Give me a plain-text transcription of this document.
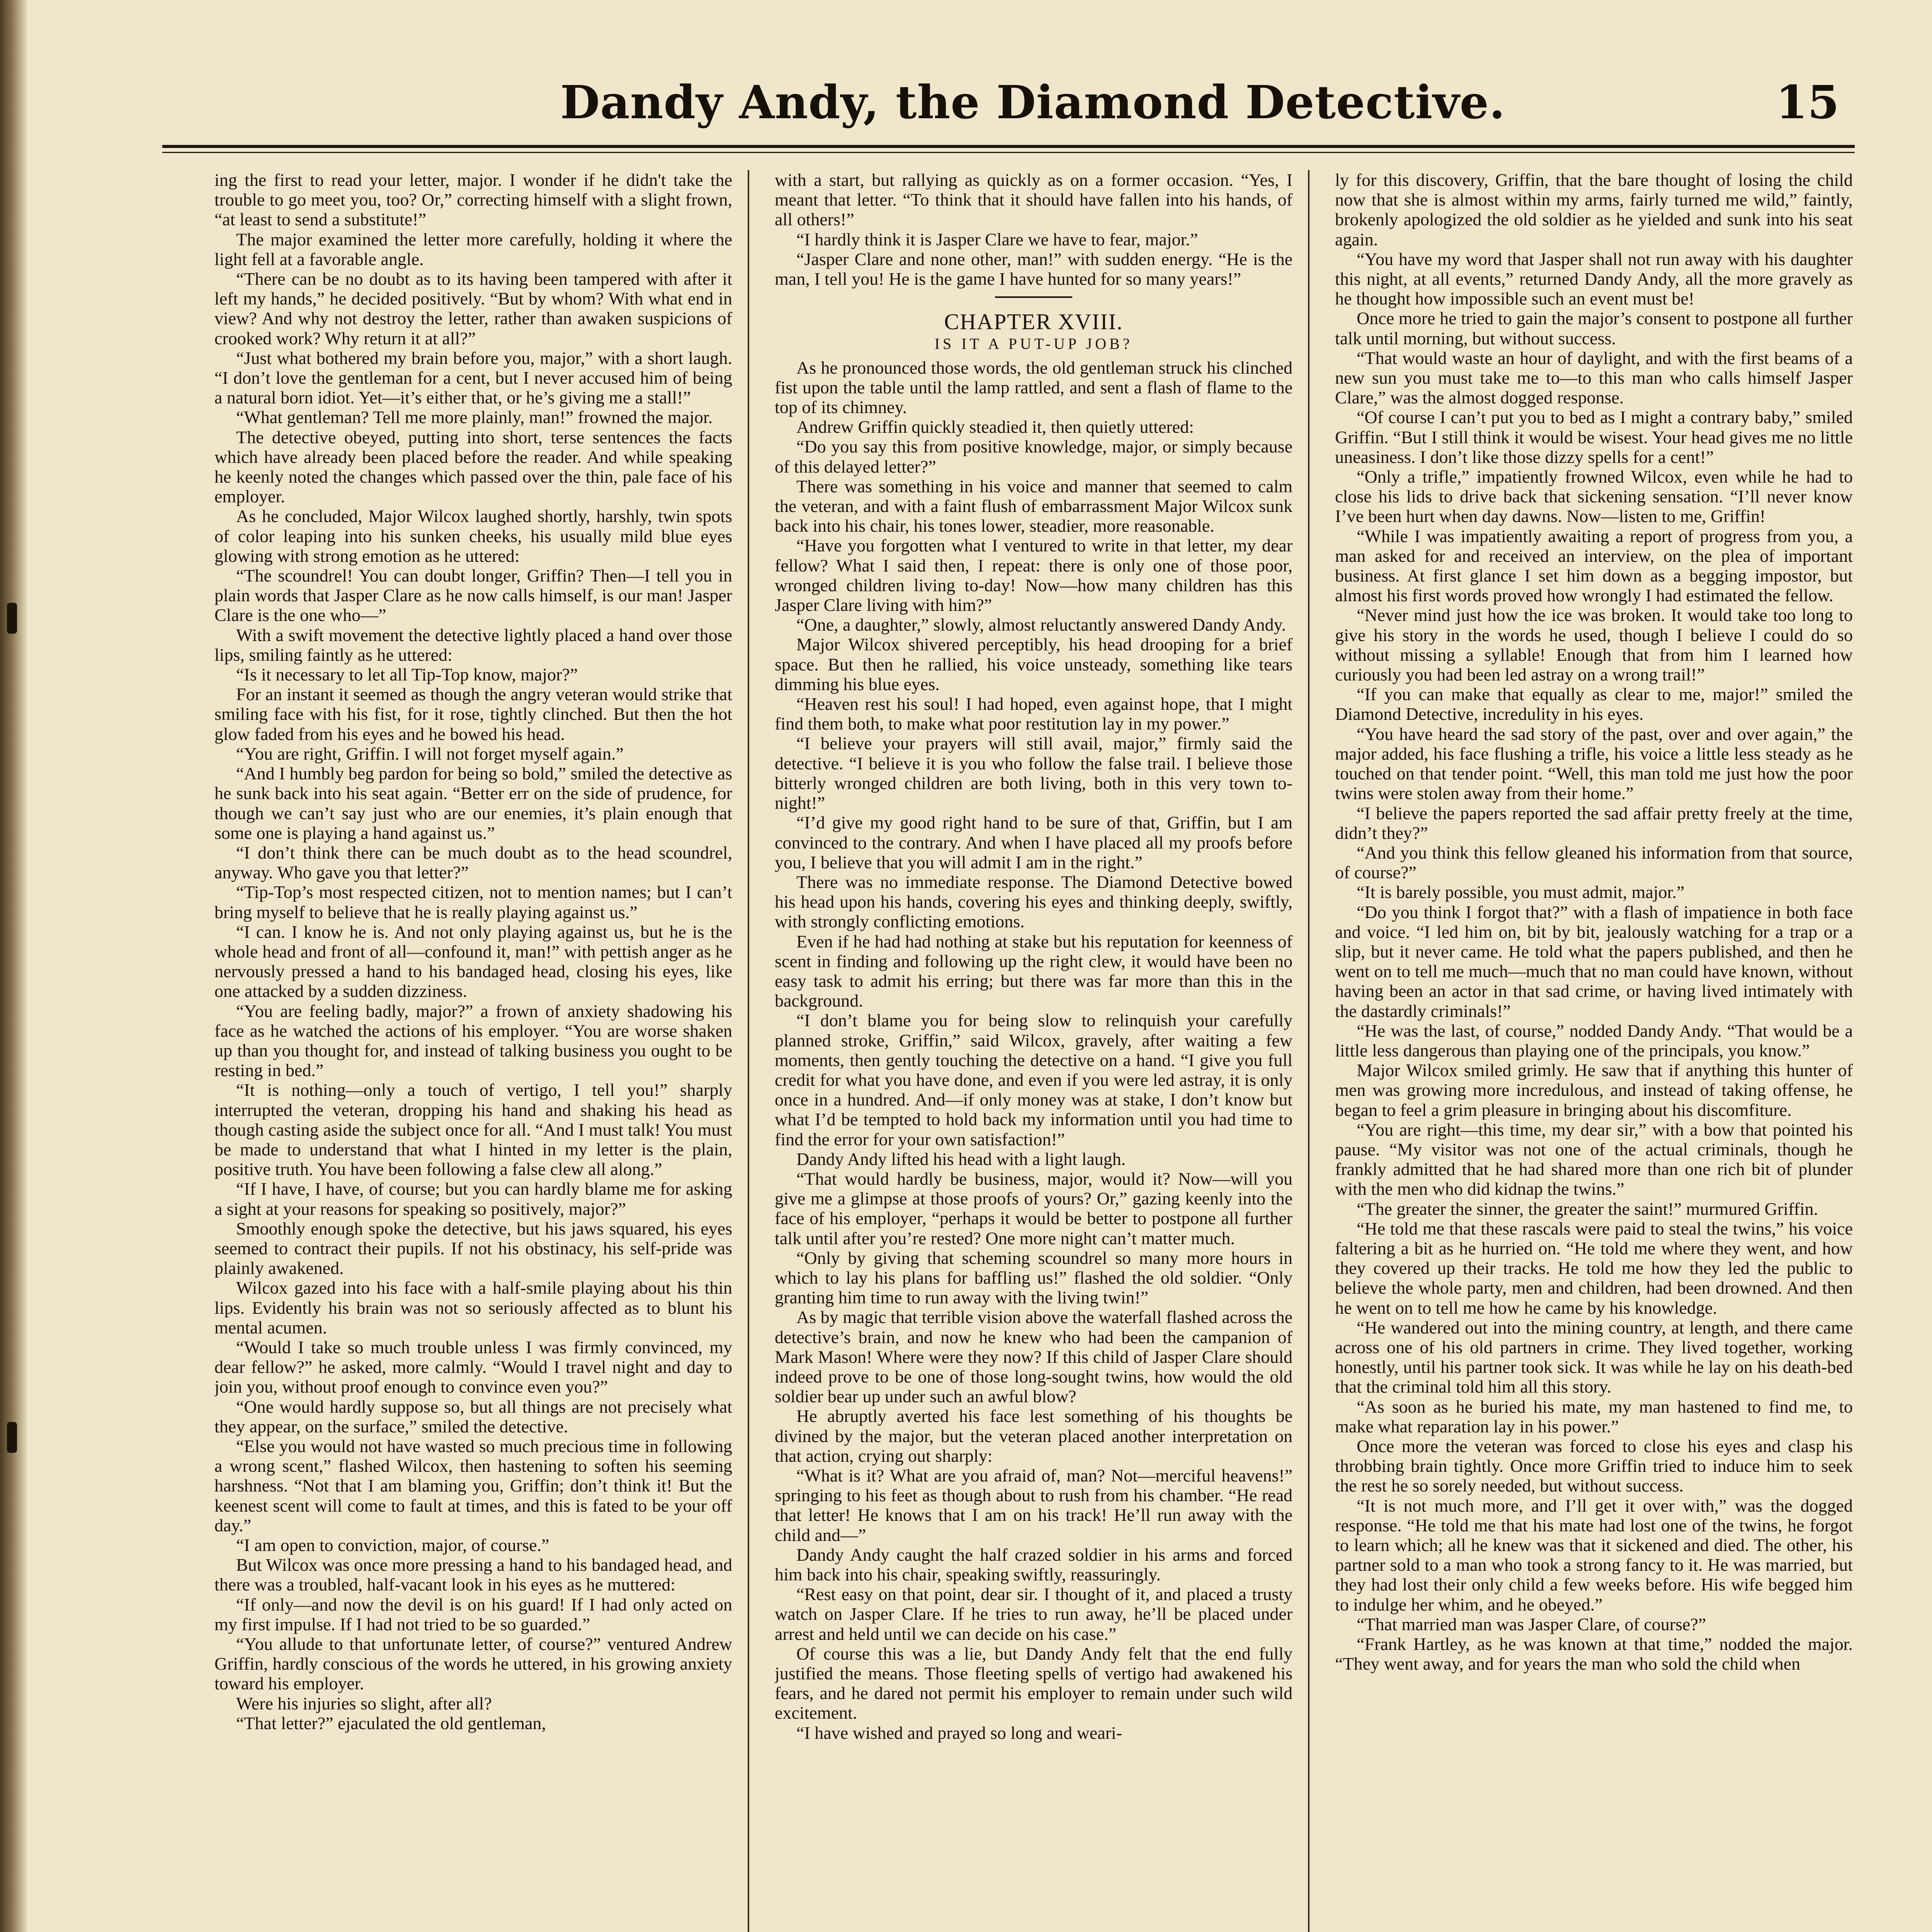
Dandy Andy, the Diamond Detective.	15

ing the first to read your letter, major. I wonder if he didn't take the trouble to go meet you, too? Or,” correcting himself with a slight frown, “at least to send a substitute!”

The major examined the letter more carefully, holding it where the light fell at a favorable angle.

“There can be no doubt as to its having been tampered with after it left my hands,” he decided positively. “But by whom? With what end in view? And why not destroy the letter, rather than awaken suspicions of crooked work? Why return it at all?”

“Just what bothered my brain before you, major,” with a short laugh. “I don’t love the gentleman for a cent, but I never accused him of being a natural born idiot. Yet—it’s either that, or he’s giving me a stall!”

“What gentleman? Tell me more plainly, man!” frowned the major.

The detective obeyed, putting into short, terse sentences the facts which have already been placed before the reader. And while speaking he keenly noted the changes which passed over the thin, pale face of his employer.

As he concluded, Major Wilcox laughed shortly, harshly, twin spots of color leaping into his sunken cheeks, his usually mild blue eyes glowing with strong emotion as he uttered:

“The scoundrel! You can doubt longer, Griffin? Then—I tell you in plain words that Jasper Clare as he now calls himself, is our man! Jasper Clare is the one who—”

With a swift movement the detective lightly placed a hand over those lips, smiling faintly as he uttered:

“Is it necessary to let all Tip-Top know, major?”

For an instant it seemed as though the angry veteran would strike that smiling face with his fist, for it rose, tightly clinched. But then the hot glow faded from his eyes and he bowed his head.

“You are right, Griffin. I will not forget myself again.”

“And I humbly beg pardon for being so bold,” smiled the detective as he sunk back into his seat again. “Better err on the side of prudence, for though we can’t say just who are our enemies, it’s plain enough that some one is playing a hand against us.”

“I don’t think there can be much doubt as to the head scoundrel, anyway. Who gave you that letter?”

“Tip-Top’s most respected citizen, not to mention names; but I can’t bring myself to believe that he is really playing against us.”

“I can. I know he is. And not only playing against us, but he is the whole head and front of all—confound it, man!” with pettish anger as he nervously pressed a hand to his bandaged head, closing his eyes, like one attacked by a sudden dizziness.

“You are feeling badly, major?” a frown of anxiety shadowing his face as he watched the actions of his employer. “You are worse shaken up than you thought for, and instead of talking business you ought to be resting in bed.”

“It is nothing—only a touch of vertigo, I tell you!” sharply interrupted the veteran, dropping his hand and shaking his head as though casting aside the subject once for all. “And I must talk! You must be made to understand that what I hinted in my letter is the plain, positive truth. You have been following a false clew all along.”

“If I have, I have, of course; but you can hardly blame me for asking a sight at your reasons for speaking so positively, major?”

Smoothly enough spoke the detective, but his jaws squared, his eyes seemed to contract their pupils. If not his obstinacy, his self-pride was plainly awakened.

Wilcox gazed into his face with a half-smile playing about his thin lips. Evidently his brain was not so seriously affected as to blunt his mental acumen.

“Would I take so much trouble unless I was firmly convinced, my dear fellow?” he asked, more calmly. “Would I travel night and day to join you, without proof enough to convince even you?”

“One would hardly suppose so, but all things are not precisely what they appear, on the surface,” smiled the detective.

“Else you would not have wasted so much precious time in following a wrong scent,” flashed Wilcox, then hastening to soften his seeming harshness. “Not that I am blaming you, Griffin; don’t think it! But the keenest scent will come to fault at times, and this is fated to be your off day.”

“I am open to conviction, major, of course.”

But Wilcox was once more pressing a hand to his bandaged head, and there was a troubled, half-vacant look in his eyes as he muttered:

“If only—and now the devil is on his guard! If I had only acted on my first impulse. If I had not tried to be so guarded.”

“You allude to that unfortunate letter, of course?” ventured Andrew Griffin, hardly conscious of the words he uttered, in his growing anxiety toward his employer.

Were his injuries so slight, after all?

“That letter?” ejaculated the old gentleman,

with a start, but rallying as quickly as on a former occasion. “Yes, I meant that letter. “To think that it should have fallen into his hands, of all others!”

“I hardly think it is Jasper Clare we have to fear, major.”

“Jasper Clare and none other, man!” with sudden energy. “He is the man, I tell you! He is the game I have hunted for so many years!”

CHAPTER XVIII.
IS IT A PUT-UP JOB?

As he pronounced those words, the old gentleman struck his clinched fist upon the table until the lamp rattled, and sent a flash of flame to the top of its chimney.

Andrew Griffin quickly steadied it, then quietly uttered:

“Do you say this from positive knowledge, major, or simply because of this delayed letter?”

There was something in his voice and manner that seemed to calm the veteran, and with a faint flush of embarrassment Major Wilcox sunk back into his chair, his tones lower, steadier, more reasonable.

“Have you forgotten what I ventured to write in that letter, my dear fellow? What I said then, I repeat: there is only one of those poor, wronged children living to-day! Now—how many children has this Jasper Clare living with him?”

“One, a daughter,” slowly, almost reluctantly answered Dandy Andy.

Major Wilcox shivered perceptibly, his head drooping for a brief space. But then he rallied, his voice unsteady, something like tears dimming his blue eyes.

“Heaven rest his soul! I had hoped, even against hope, that I might find them both, to make what poor restitution lay in my power.”

“I believe your prayers will still avail, major,” firmly said the detective. “I believe it is you who follow the false trail. I believe those bitterly wronged children are both living, both in this very town to-night!”

“I’d give my good right hand to be sure of that, Griffin, but I am convinced to the contrary. And when I have placed all my proofs before you, I believe that you will admit I am in the right.”

There was no immediate response. The Diamond Detective bowed his head upon his hands, covering his eyes and thinking deeply, swiftly, with strongly conflicting emotions.

Even if he had had nothing at stake but his reputation for keenness of scent in finding and following up the right clew, it would have been no easy task to admit his erring; but there was far more than this in the background.

“I don’t blame you for being slow to relinquish your carefully planned stroke, Griffin,” said Wilcox, gravely, after waiting a few moments, then gently touching the detective on a hand. “I give you full credit for what you have done, and even if you were led astray, it is only once in a hundred. And—if only money was at stake, I don’t know but what I’d be tempted to hold back my information until you had time to find the error for your own satisfaction!”

Dandy Andy lifted his head with a light laugh.

“That would hardly be business, major, would it? Now—will you give me a glimpse at those proofs of yours? Or,” gazing keenly into the face of his employer, “perhaps it would be better to postpone all further talk until after you’re rested? One more night can’t matter much.

“Only by giving that scheming scoundrel so many more hours in which to lay his plans for baffling us!” flashed the old soldier. “Only granting him time to run away with the living twin!”

As by magic that terrible vision above the waterfall flashed across the detective’s brain, and now he knew who had been the campanion of Mark Mason! Where were they now? If this child of Jasper Clare should indeed prove to be one of those long-sought twins, how would the old soldier bear up under such an awful blow?

He abruptly averted his face lest something of his thoughts be divined by the major, but the veteran placed another interpretation on that action, crying out sharply:

“What is it? What are you afraid of, man? Not—merciful heavens!” springing to his feet as though about to rush from his chamber. “He read that letter! He knows that I am on his track! He’ll run away with the child and—”

Dandy Andy caught the half crazed soldier in his arms and forced him back into his chair, speaking swiftly, reassuringly.

“Rest easy on that point, dear sir. I thought of it, and placed a trusty watch on Jasper Clare. If he tries to run away, he’ll be placed under arrest and held until we can decide on his case.”

Of course this was a lie, but Dandy Andy felt that the end fully justified the means. Those fleeting spells of vertigo had awakened his fears, and he dared not permit his employer to remain under such wild excitement.

“I have wished and prayed so long and weari-

ly for this discovery, Griffin, that the bare thought of losing the child now that she is almost within my arms, fairly turned me wild,” faintly, brokenly apologized the old soldier as he yielded and sunk into his seat again.

“You have my word that Jasper shall not run away with his daughter this night, at all events,” returned Dandy Andy, all the more gravely as he thought how impossible such an event must be!

Once more he tried to gain the major’s consent to postpone all further talk until morning, but without success.

“That would waste an hour of daylight, and with the first beams of a new sun you must take me to—to this man who calls himself Jasper Clare,” was the almost dogged response.

“Of course I can’t put you to bed as I might a contrary baby,” smiled Griffin. “But I still think it would be wisest. Your head gives me no little uneasiness. I don’t like those dizzy spells for a cent!”

“Only a trifle,” impatiently frowned Wilcox, even while he had to close his lids to drive back that sickening sensation. “I’ll never know I’ve been hurt when day dawns. Now—listen to me, Griffin!

“While I was impatiently awaiting a report of progress from you, a man asked for and received an interview, on the plea of important business. At first glance I set him down as a begging impostor, but almost his first words proved how wrongly I had estimated the fellow.

“Never mind just how the ice was broken. It would take too long to give his story in the words he used, though I believe I could do so without missing a syllable! Enough that from him I learned how curiously you had been led astray on a wrong trail!”

“If you can make that equally as clear to me, major!” smiled the Diamond Detective, incredulity in his eyes.

“You have heard the sad story of the past, over and over again,” the major added, his face flushing a trifle, his voice a little less steady as he touched on that tender point. “Well, this man told me just how the poor twins were stolen away from their home.”

“I believe the papers reported the sad affair pretty freely at the time, didn’t they?”

“And you think this fellow gleaned his information from that source, of course?”

“It is barely possible, you must admit, major.”

“Do you think I forgot that?” with a flash of impatience in both face and voice. “I led him on, bit by bit, jealously watching for a trap or a slip, but it never came. He told what the papers published, and then he went on to tell me much—much that no man could have known, without having been an actor in that sad crime, or having lived intimately with the dastardly criminals!”

“He was the last, of course,” nodded Dandy Andy. “That would be a little less dangerous than playing one of the principals, you know.”

Major Wilcox smiled grimly. He saw that if anything this hunter of men was growing more incredulous, and instead of taking offense, he began to feel a grim pleasure in bringing about his discomfiture.

“You are right—this time, my dear sir,” with a bow that pointed his pause. “My visitor was not one of the actual criminals, though he frankly admitted that he had shared more than one rich bit of plunder with the men who did kidnap the twins.”

“The greater the sinner, the greater the saint!” murmured Griffin.

“He told me that these rascals were paid to steal the twins,” his voice faltering a bit as he hurried on. “He told me where they went, and how they covered up their tracks. He told me how they led the public to believe the whole party, men and children, had been drowned. And then he went on to tell me how he came by his knowledge.

“He wandered out into the mining country, at length, and there came across one of his old partners in crime. They lived together, working honestly, until his partner took sick. It was while he lay on his death-bed that the criminal told him all this story.

“As soon as he buried his mate, my man hastened to find me, to make what reparation lay in his power.”

Once more the veteran was forced to close his eyes and clasp his throbbing brain tightly. Once more Griffin tried to induce him to seek the rest he so sorely needed, but without success.

“It is not much more, and I’ll get it over with,” was the dogged response. “He told me that his mate had lost one of the twins, he forgot to learn which; all he knew was that it sickened and died. The other, his partner sold to a man who took a strong fancy to it. He was married, but they had lost their only child a few weeks before. His wife begged him to indulge her whim, and he obeyed.”

“That married man was Jasper Clare, of course?”

“Frank Hartley, as he was known at that time,” nodded the major. “They went away, and for years the man who sold the child when
